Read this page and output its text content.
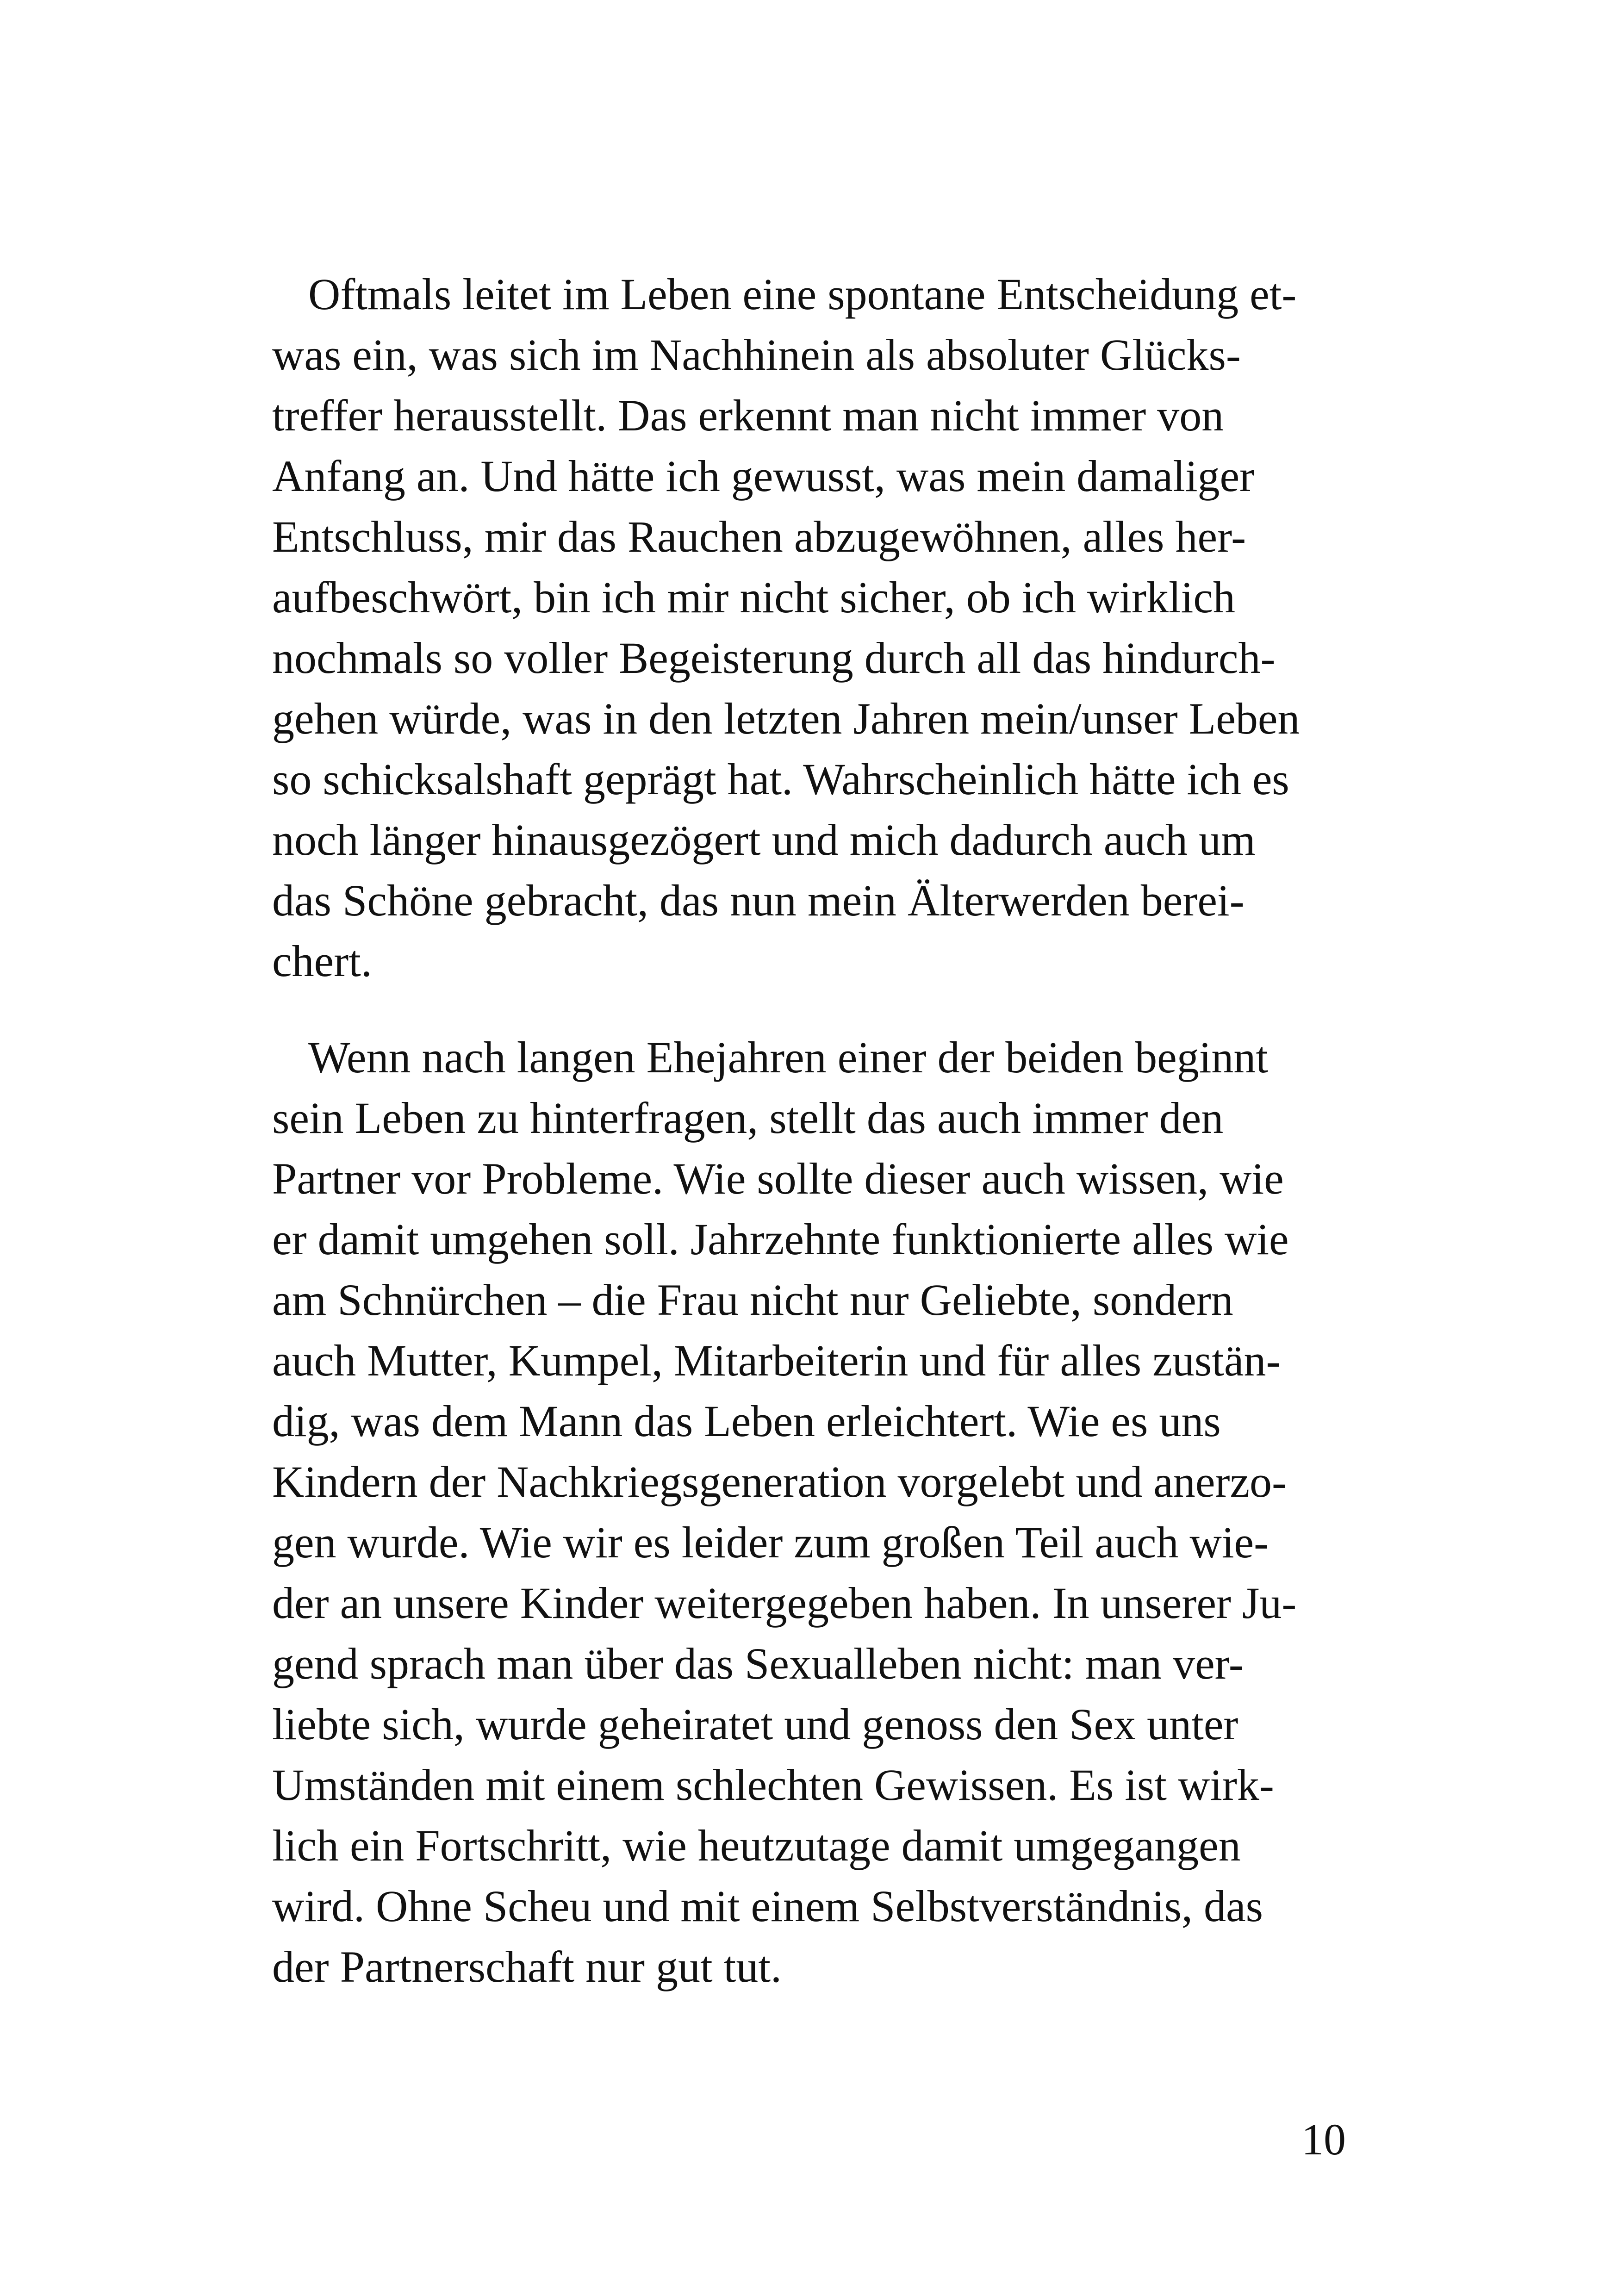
Oftmals leitet im Leben eine spontane Entscheidung et-
was ein, was sich im Nachhinein als absoluter Glücks-
treffer herausstellt. Das erkennt man nicht immer von
Anfang an. Und hätte ich gewusst, was mein damaliger
Entschluss, mir das Rauchen abzugewöhnen, alles her-
aufbeschwört, bin ich mir nicht sicher, ob ich wirklich
nochmals so voller Begeisterung durch all das hindurch-
gehen würde, was in den letzten Jahren mein/unser Leben
so schicksalshaft geprägt hat. Wahrscheinlich hätte ich es
noch länger hinausgezögert und mich dadurch auch um
das Schöne gebracht, das nun mein Älterwerden berei-
chert.

Wenn nach langen Ehejahren einer der beiden beginnt
sein Leben zu hinterfragen, stellt das auch immer den
Partner vor Probleme. Wie sollte dieser auch wissen, wie
er damit umgehen soll. Jahrzehnte funktionierte alles wie
am Schnürchen – die Frau nicht nur Geliebte, sondern
auch Mutter, Kumpel, Mitarbeiterin und für alles zustän-
dig, was dem Mann das Leben erleichtert. Wie es uns
Kindern der Nachkriegsgeneration vorgelebt und anerzo-
gen wurde. Wie wir es leider zum großen Teil auch wie-
der an unsere Kinder weitergegeben haben. In unserer Ju-
gend sprach man über das Sexualleben nicht: man ver-
liebte sich, wurde geheiratet und genoss den Sex unter
Umständen mit einem schlechten Gewissen. Es ist wirk-
lich ein Fortschritt, wie heutzutage damit umgegangen
wird. Ohne Scheu und mit einem Selbstverständnis, das
der Partnerschaft nur gut tut.

10
